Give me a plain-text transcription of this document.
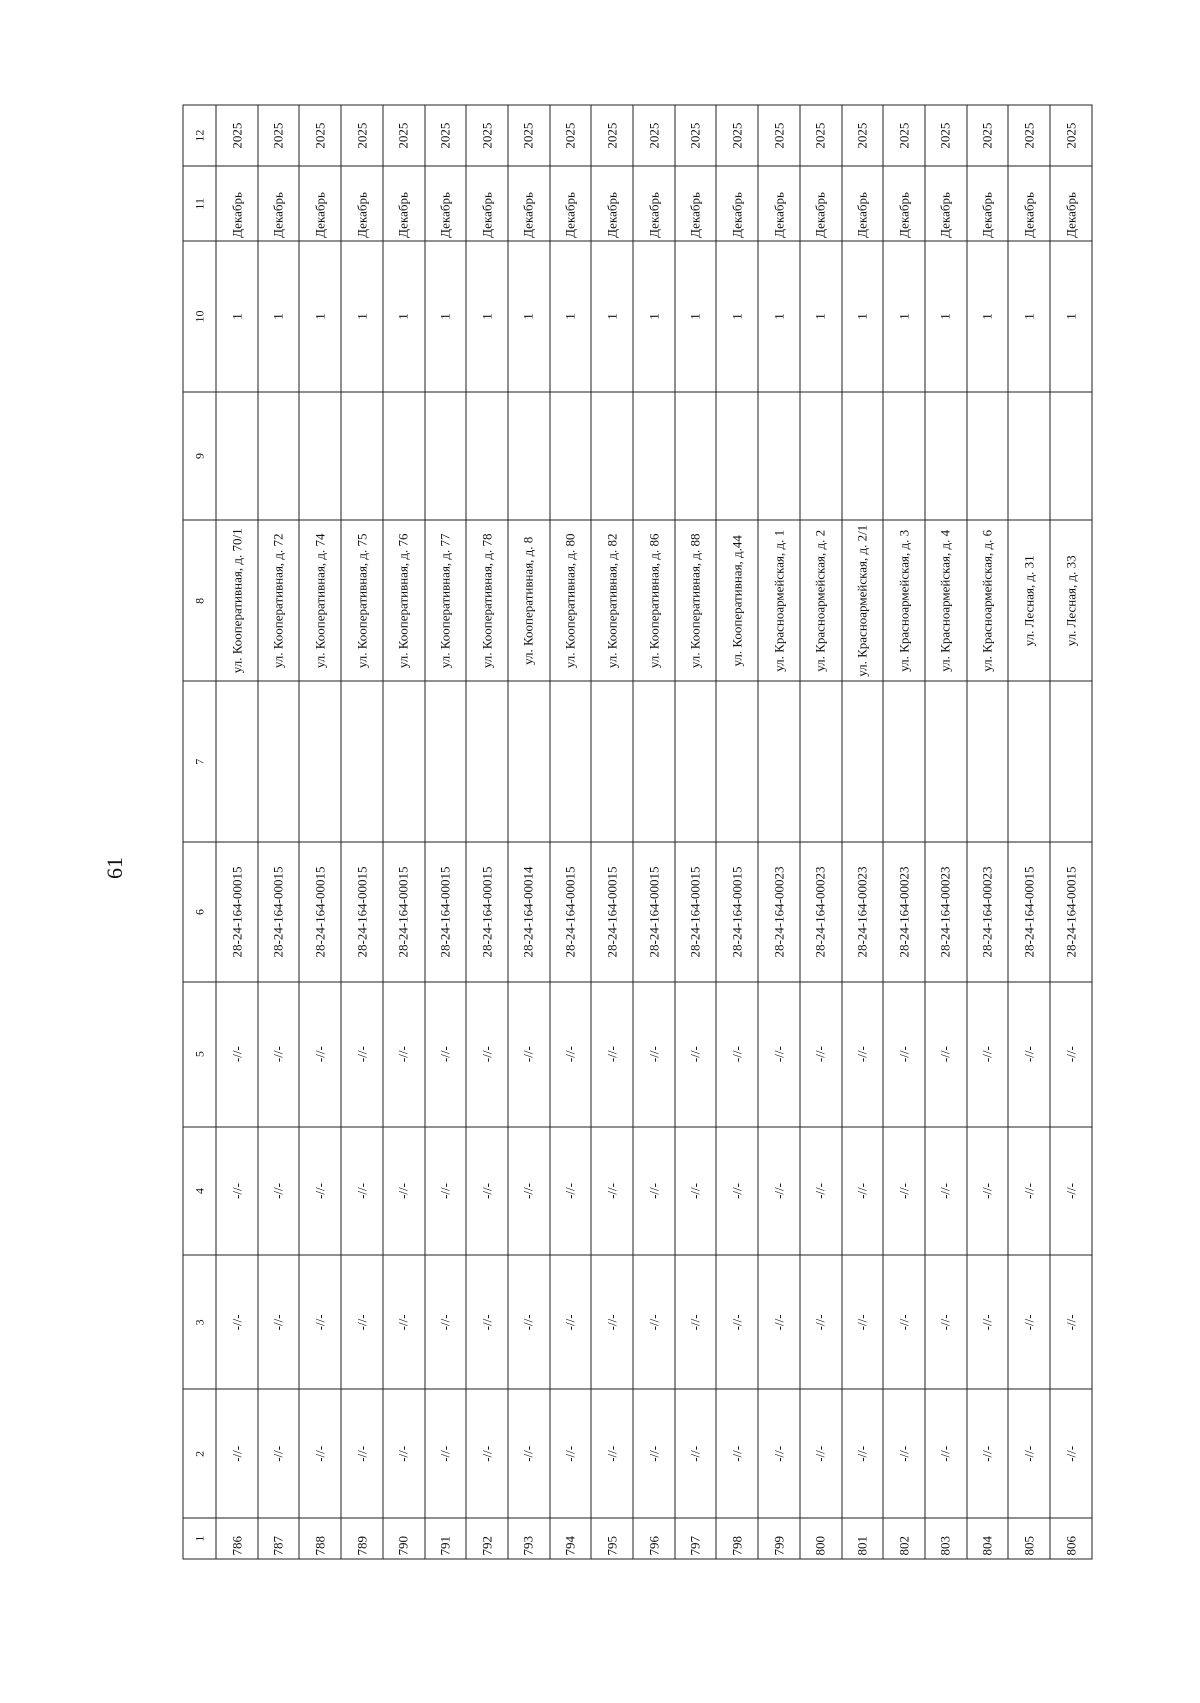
61
1	2	3	4	5	6	7	8	9	10	11	12
786	-//-	-//-	-//-	-//-	28-24-164-00015		ул. Кооперативная, д. 70/1		1	Декабрь	2025
787	-//-	-//-	-//-	-//-	28-24-164-00015		ул. Кооперативная, д. 72		1	Декабрь	2025
788	-//-	-//-	-//-	-//-	28-24-164-00015		ул. Кооперативная, д. 74		1	Декабрь	2025
789	-//-	-//-	-//-	-//-	28-24-164-00015		ул. Кооперативная, д. 75		1	Декабрь	2025
790	-//-	-//-	-//-	-//-	28-24-164-00015		ул. Кооперативная, д. 76		1	Декабрь	2025
791	-//-	-//-	-//-	-//-	28-24-164-00015		ул. Кооперативная, д. 77		1	Декабрь	2025
792	-//-	-//-	-//-	-//-	28-24-164-00015		ул. Кооперативная, д. 78		1	Декабрь	2025
793	-//-	-//-	-//-	-//-	28-24-164-00014		ул. Кооперативная, д. 8		1	Декабрь	2025
794	-//-	-//-	-//-	-//-	28-24-164-00015		ул. Кооперативная, д. 80		1	Декабрь	2025
795	-//-	-//-	-//-	-//-	28-24-164-00015		ул. Кооперативная, д. 82		1	Декабрь	2025
796	-//-	-//-	-//-	-//-	28-24-164-00015		ул. Кооперативная, д. 86		1	Декабрь	2025
797	-//-	-//-	-//-	-//-	28-24-164-00015		ул. Кооперативная, д. 88		1	Декабрь	2025
798	-//-	-//-	-//-	-//-	28-24-164-00015		ул. Кооперативная, д.44		1	Декабрь	2025
799	-//-	-//-	-//-	-//-	28-24-164-00023		ул. Красноармейская, д. 1		1	Декабрь	2025
800	-//-	-//-	-//-	-//-	28-24-164-00023		ул. Красноармейская, д. 2		1	Декабрь	2025
801	-//-	-//-	-//-	-//-	28-24-164-00023		ул. Красноармейская, д. 2/1		1	Декабрь	2025
802	-//-	-//-	-//-	-//-	28-24-164-00023		ул. Красноармейская, д. 3		1	Декабрь	2025
803	-//-	-//-	-//-	-//-	28-24-164-00023		ул. Красноармейская, д. 4		1	Декабрь	2025
804	-//-	-//-	-//-	-//-	28-24-164-00023		ул. Красноармейская, д. 6		1	Декабрь	2025
805	-//-	-//-	-//-	-//-	28-24-164-00015		ул. Лесная, д. 31		1	Декабрь	2025
806	-//-	-//-	-//-	-//-	28-24-164-00015		ул. Лесная, д. 33		1	Декабрь	2025
